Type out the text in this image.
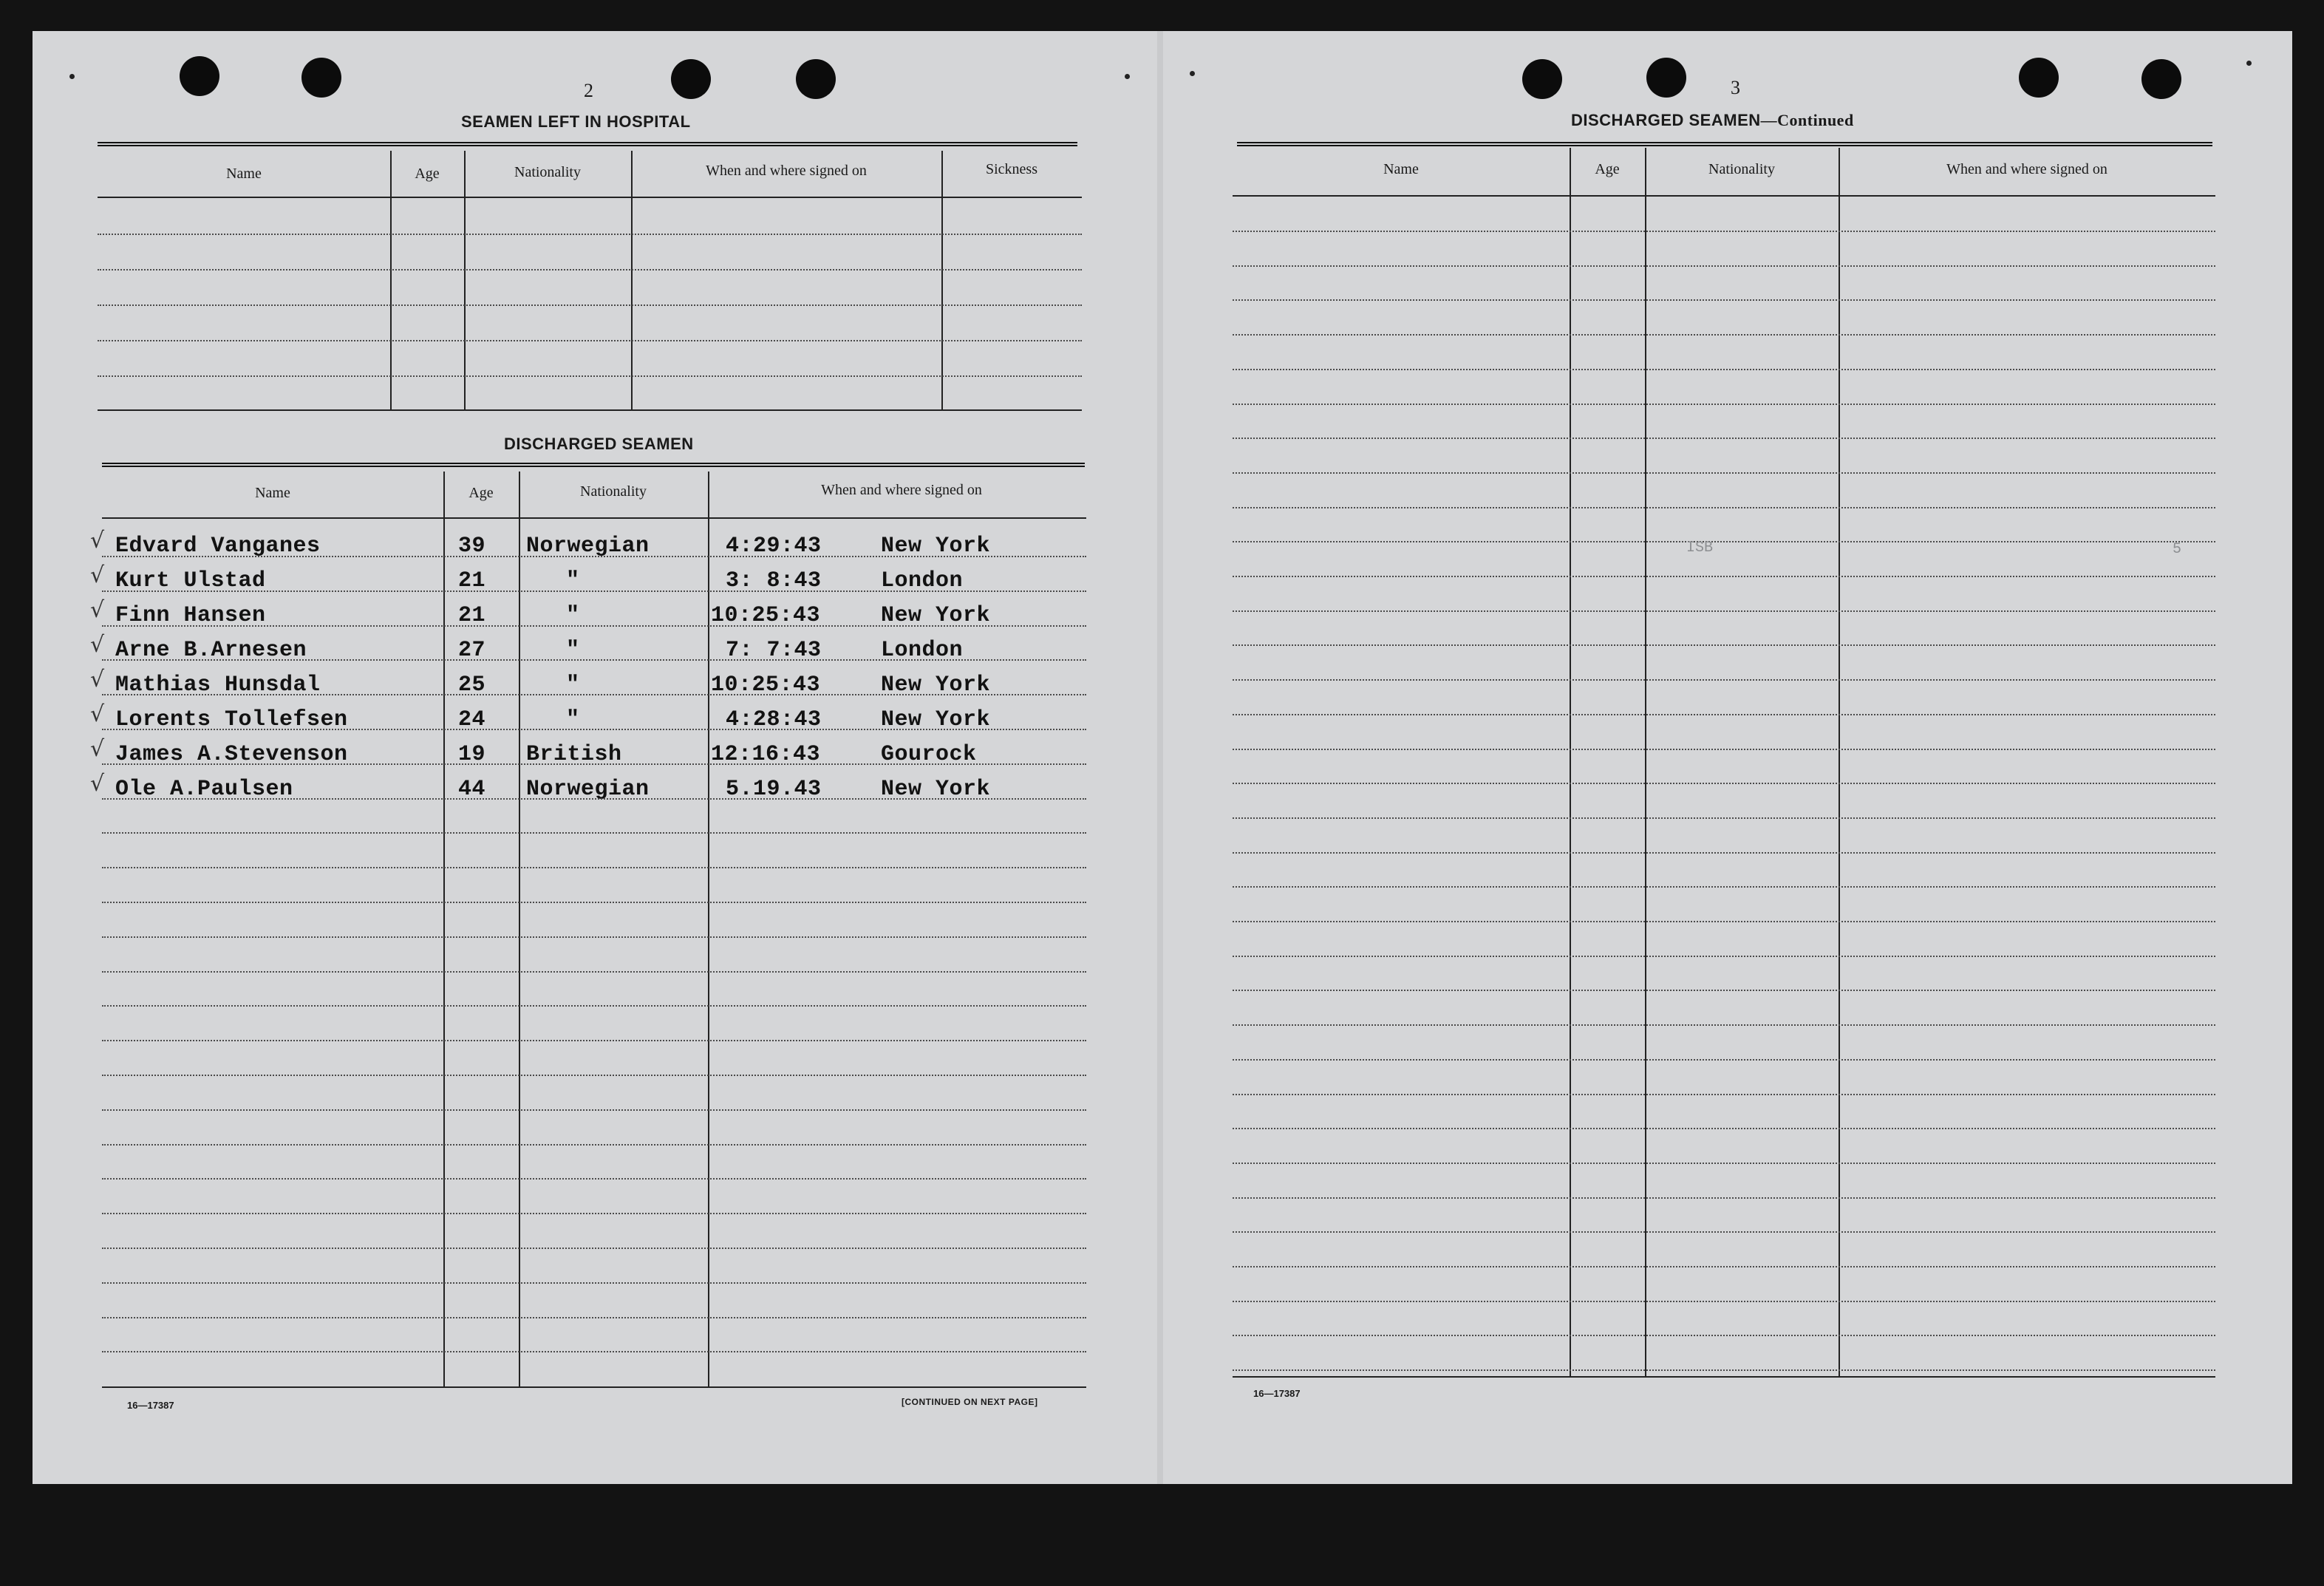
2
SEAMEN LEFT IN HOSPITAL
Name	Age	Nationality	When and where signed on	Sickness
DISCHARGED SEAMEN
Name	Age	Nationality	When and where signed on
√ Edvard Vanganes	39 Norwegian	4:29:43	New York
√ Kurt Ulstad	21	"	3: 8:43	London
√ Finn Hansen	21	"	10:25:43	New York
√ Arne B.Arnesen	27	"	7: 7:43	London
√ Mathias Hunsdal	25	"	10:25:43	New York
√ Lorents Tollefsen	24	"	4:28:43	New York
√ James A.Stevenson	19 British	12:16:43	Gourock
√ Ole A.Paulsen	44 Norwegian	5.19.43	New York
16—17387	[CONTINUED ON NEXT PAGE]
3
DISCHARGED SEAMEN—Continued
Name	Age	Nationality	When and where signed on
ISB	5
16—17387
